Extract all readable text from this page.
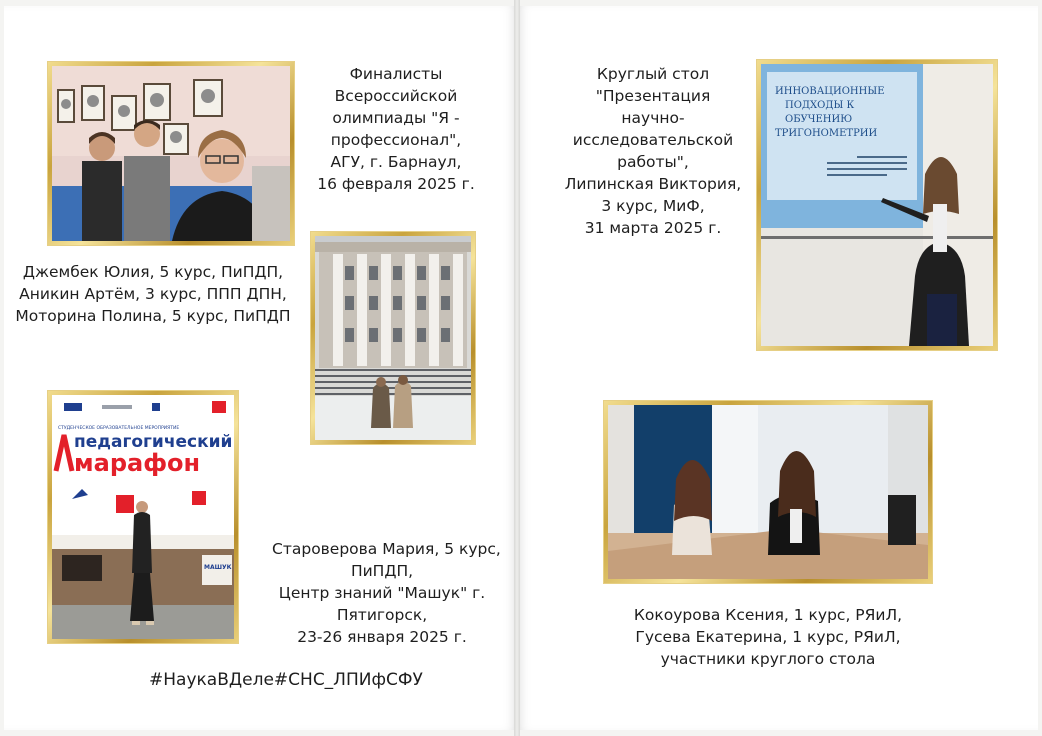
Финалисты
Всероссийской
олимпиады "Я -
профессионал",
АГУ, г. Барнаул,
16 февраля 2025 г.
Джембек Юлия, 5 курс, ПиПДП,
Аникин Артём, 3 курс, ППП ДПН,
Моторина Полина, 5 курс, ПиПДП
СТУДЕНЧЕСКОЕ ОБРАЗОВАТЕЛЬНОЕ МЕРОПРИЯТИЕ
педагогический
марафон
МАШУК
Староверова Мария, 5 курс,
ПиПДП,
Центр знаний "Машук" г.
Пятигорск,
23-26 января 2025 г.
#НаукаВДеле#СНС_ЛПИфСФУ
Круглый стол
"Презентация
научно-
исследовательской
работы",
Липинская Виктория,
3 курс, МиФ,
31 марта 2025 г.
ИННОВАЦИОННЫЕ
ПОДХОДЫ К
ОБУЧЕНИЮ
ТРИГОНОМЕТРИИ
Кокоурова Ксения, 1 курс, РЯиЛ,
Гусева Екатерина, 1 курс, РЯиЛ,
участники круглого стола
